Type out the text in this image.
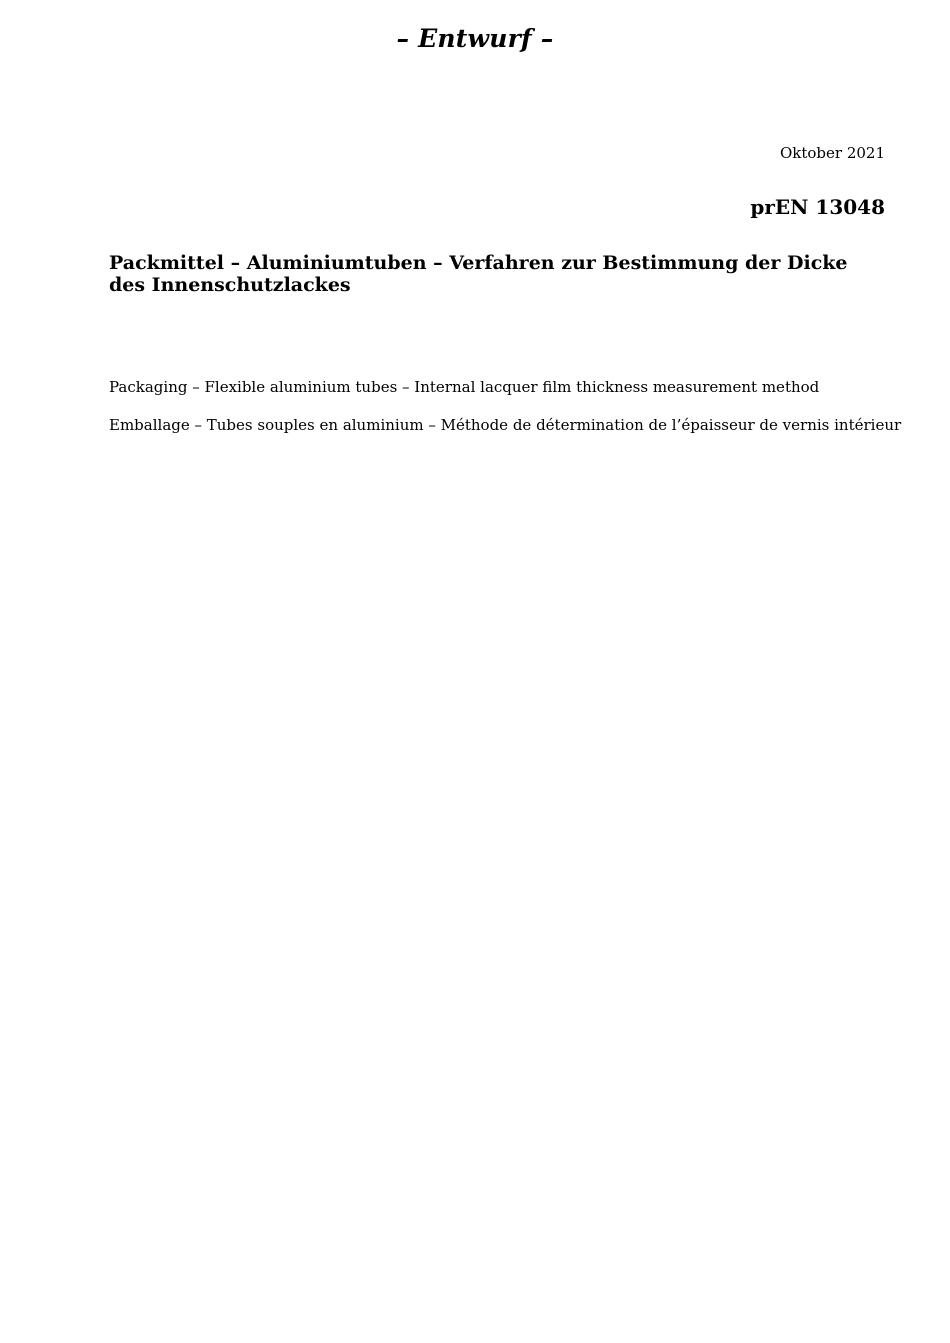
– Entwurf –

Oktober 2021

prEN 13048

Packmittel – Aluminiumtuben – Verfahren zur Bestimmung der Dicke des Innenschutzlackes

Packaging – Flexible aluminium tubes – Internal lacquer film thickness measurement method

Emballage – Tubes souples en aluminium – Méthode de détermination de l’épaisseur de vernis intérieur
